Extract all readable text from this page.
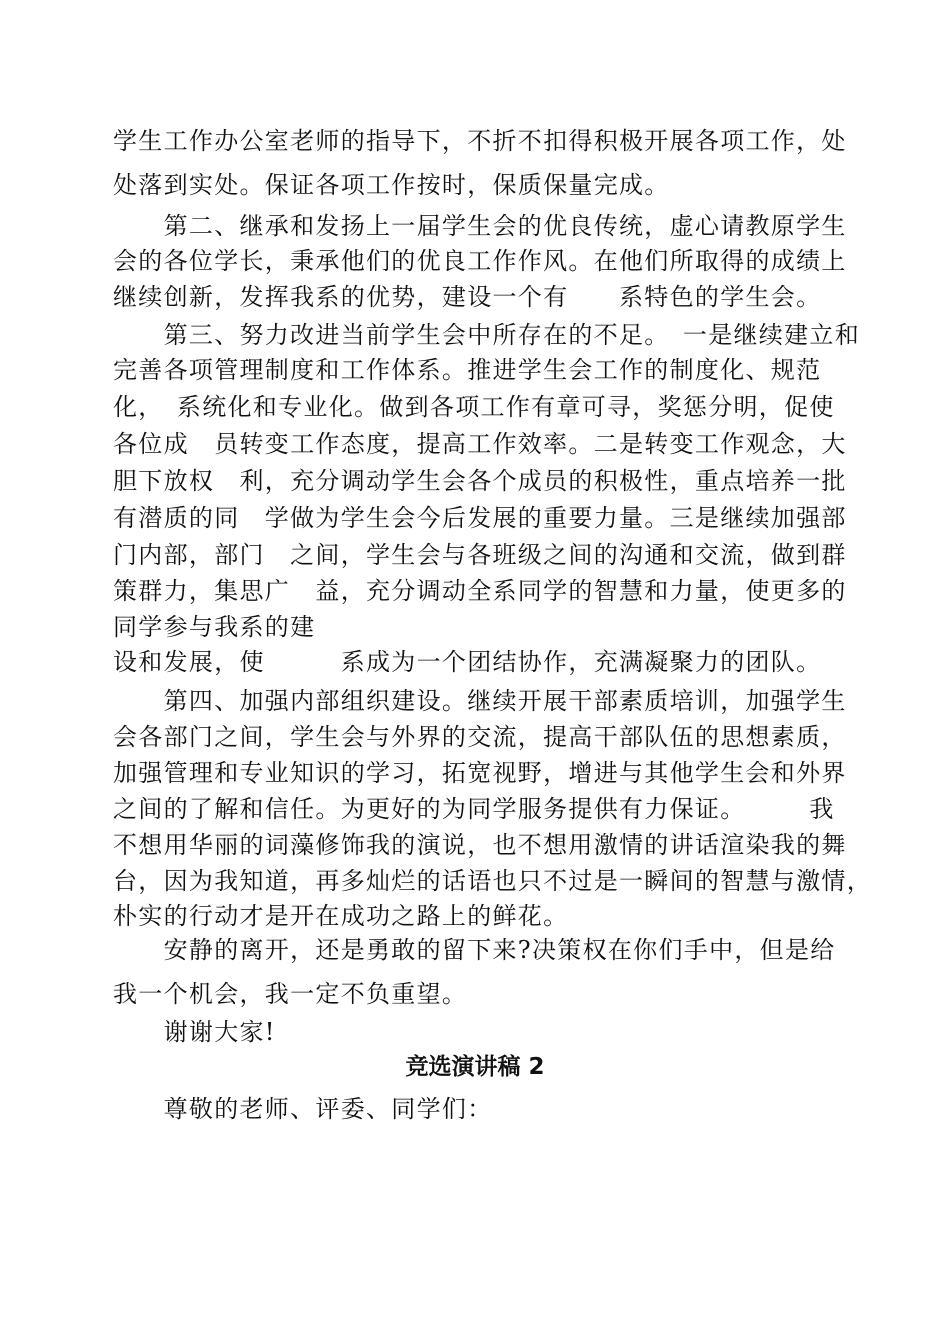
学生工作办公室老师的指导下，不折不扣得积极开展各项工作，处
处落到实处。保证各项工作按时，保质保量完成。
　　第二、继承和发扬上一届学生会的优良传统，虚心请教原学生
会的各位学长，秉承他们的优良工作作风。在他们所取得的成绩上
继续创新，发挥我系的优势，建设一个有　　系特色的学生会。
　　第三、努力改进当前学生会中所存在的不足。　一是继续建立和
完善各项管理制度和工作体系。推进学生会工作的制度化、规范
化，　系统化和专业化。做到各项工作有章可寻，奖惩分明，促使
各位成　员转变工作态度，提高工作效率。二是转变工作观念，大
胆下放权　利，充分调动学生会各个成员的积极性，重点培养一批
有潜质的同　学做为学生会今后发展的重要力量。三是继续加强部
门内部，部门　之间，学生会与各班级之间的沟通和交流，做到群
策群力，集思广　益，充分调动全系同学的智慧和力量，使更多的
同学参与我系的建
设和发展，使　　　系成为一个团结协作，充满凝聚力的团队。
　　第四、加强内部组织建设。继续开展干部素质培训，加强学生
会各部门之间，学生会与外界的交流，提高干部队伍的思想素质，
加强管理和专业知识的学习，拓宽视野，增进与其他学生会和外界
之间的了解和信任。为更好的为同学服务提供有力保证。　　　我
不想用华丽的词藻修饰我的演说，也不想用激情的讲话渲染我的舞
台，因为我知道，再多灿烂的话语也只不过是一瞬间的智慧与激情，
朴实的行动才是开在成功之路上的鲜花。
　　安静的离开，还是勇敢的留下来?决策权在你们手中，但是给
我一个机会，我一定不负重望。
　　谢谢大家!
竞选演讲稿 2
　　尊敬的老师、评委、同学们：
